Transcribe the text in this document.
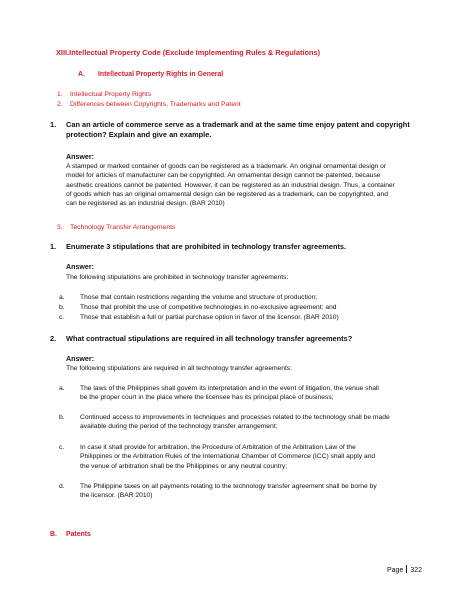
XIII.Intellectual Property Code (Exclude Implementing Rules & Regulations)
A. Intellectual Property Rights in General
1. Intellectual Property Rights
2. Differences between Copyrights, Trademarks and Patent
1. Can an article of commerce serve as a trademark and at the same time enjoy patent and copyright
protection? Explain and give an example.
Answer:
A stamped or marked container of goods can be registered as a trademark. An original ornamental design or
model for articles of manufacturer can be copyrighted. An ornamental design cannot be patented, because
aesthetic creations cannot be patented. However, it can be registered as an industrial design. Thus, a container
of goods which has an original ornamental design can be registered as a trademark, can be copyrighted, and
can be registered as an industrial design. (BAR 2010)
3. Technology Transfer Arrangements
1. Enumerate 3 stipulations that are prohibited in technology transfer agreements.
Answer:
The following stipulations are prohibited in technology transfer agreements:
a. Those that contain restrictions regarding the volume and structure of production;
b. Those that prohibit the use of competitive technologies in no-exclusive agreement; and
c. Those that establish a full or partial purchase option in favor of the licensor. (BAR 2010)
2. What contractual stipulations are required in all technology transfer agreements?
Answer:
The following stipulations are required in all technology transfer agreements:
a. The laws of the Philippines shall govern its interpretation and in the event of litigation, the venue shall
be the proper court in the place where the licensee has its principal place of business;
b. Continued access to improvements in techniques and processes related to the technology shall be made
available during the period of the technology transfer arrangement;
c. In case it shall provide for arbitration, the Procedure of Arbitration of the Arbitration Law of the
Philippines or the Arbitration Rules of the International Chamber of Commerce (ICC) shall apply and
the venue of arbitration shall be the Philippines or any neutral country;
d. The Philippine taxes on all payments relating to the technology transfer agreement shall be borne by
the licensor. (BAR 2010)
B. Patents
Page 322
